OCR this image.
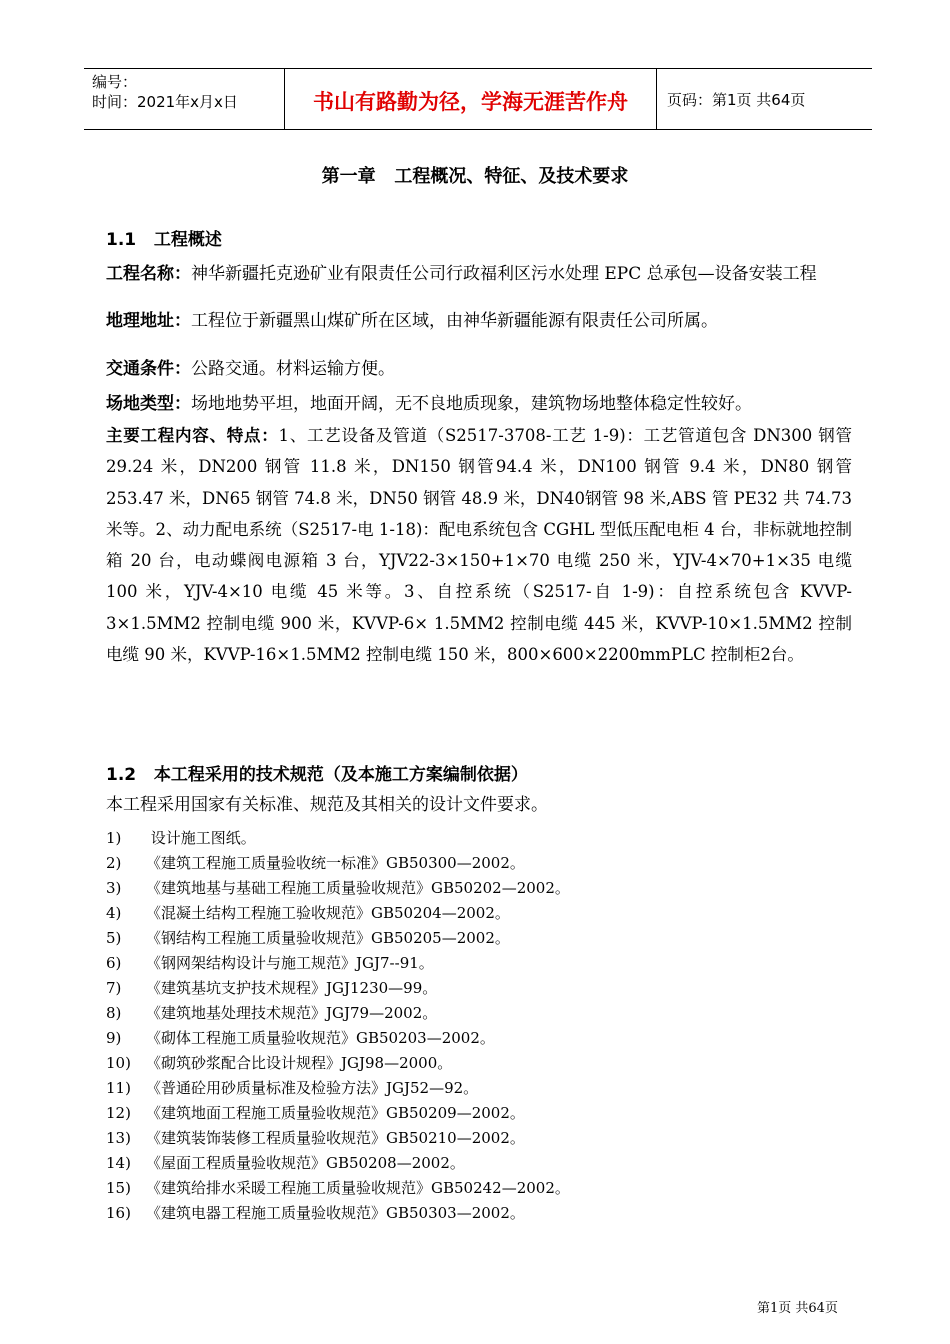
编号：
时间：2021年x月x日	书山有路勤为径，学海无涯苦作舟	页码：第1页 共64页
第一章   工程概况、特征、及技术要求
1.1   工程概述
工程名称：神华新疆托克逊矿业有限责任公司行政福利区污水处理 EPC 总承包—设备安装工程
地理地址：工程位于新疆黑山煤矿所在区域，由神华新疆能源有限责任公司所属。
交通条件：公路交通。材料运输方便。
场地类型：场地地势平坦，地面开阔，无不良地质现象，建筑物场地整体稳定性较好。
主要工程内容、特点：1、工艺设备及管道（S2517-3708-工艺 1-9)：工艺管道包含 DN300 钢管 29.24 米，DN200 钢管 11.8 米，DN150 钢管94.4 米，DN100 钢管 9.4 米，DN80 钢管 253.47 米，DN65 钢管 74.8 米，DN50 钢管 48.9 米，DN40钢管 98 米,ABS 管 PE32 共 74.73 米等。2、动力配电系统（S2517-电 1-18)：配电系统包含 CGHL 型低压配电柜 4 台，非标就地控制箱 20 台，电动蝶阀电源箱 3 台，YJV22-3×150+1×70 电缆 250 米，YJV-4×70+1×35 电缆 100 米，YJV-4×10 电缆 45 米等。3、自控系统（S2517-自 1-9)：自控系统包含 KVVP-3×1.5MM2 控制电缆 900 米，KVVP-6× 1.5MM2 控制电缆 445 米，KVVP-10×1.5MM2 控制电缆 90 米，KVVP-16×1.5MM2 控制电缆 150 米，800×600×2200mmPLC 控制柜2台。
1.2   本工程采用的技术规范（及本施工方案编制依据）
本工程采用国家有关标准、规范及其相关的设计文件要求。
1) 设计施工图纸。
2) 《建筑工程施工质量验收统一标准》GB50300—2002。
3) 《建筑地基与基础工程施工质量验收规范》GB50202—2002。
4) 《混凝土结构工程施工验收规范》GB50204—2002。
5) 《钢结构工程施工质量验收规范》GB50205—2002。
6) 《钢网架结构设计与施工规范》JGJ7--91。
7) 《建筑基坑支护技术规程》JGJ1230—99。
8) 《建筑地基处理技术规范》JGJ79—2002。
9) 《砌体工程施工质量验收规范》GB50203—2002。
10) 《砌筑砂浆配合比设计规程》JGJ98—2000。
11) 《普通砼用砂质量标准及检验方法》JGJ52—92。
12) 《建筑地面工程施工质量验收规范》GB50209—2002。
13) 《建筑装饰装修工程质量验收规范》GB50210—2002。
14) 《屋面工程质量验收规范》GB50208—2002。
15) 《建筑给排水采暖工程施工质量验收规范》GB50242—2002。
16) 《建筑电器工程施工质量验收规范》GB50303—2002。
第1页 共64页
